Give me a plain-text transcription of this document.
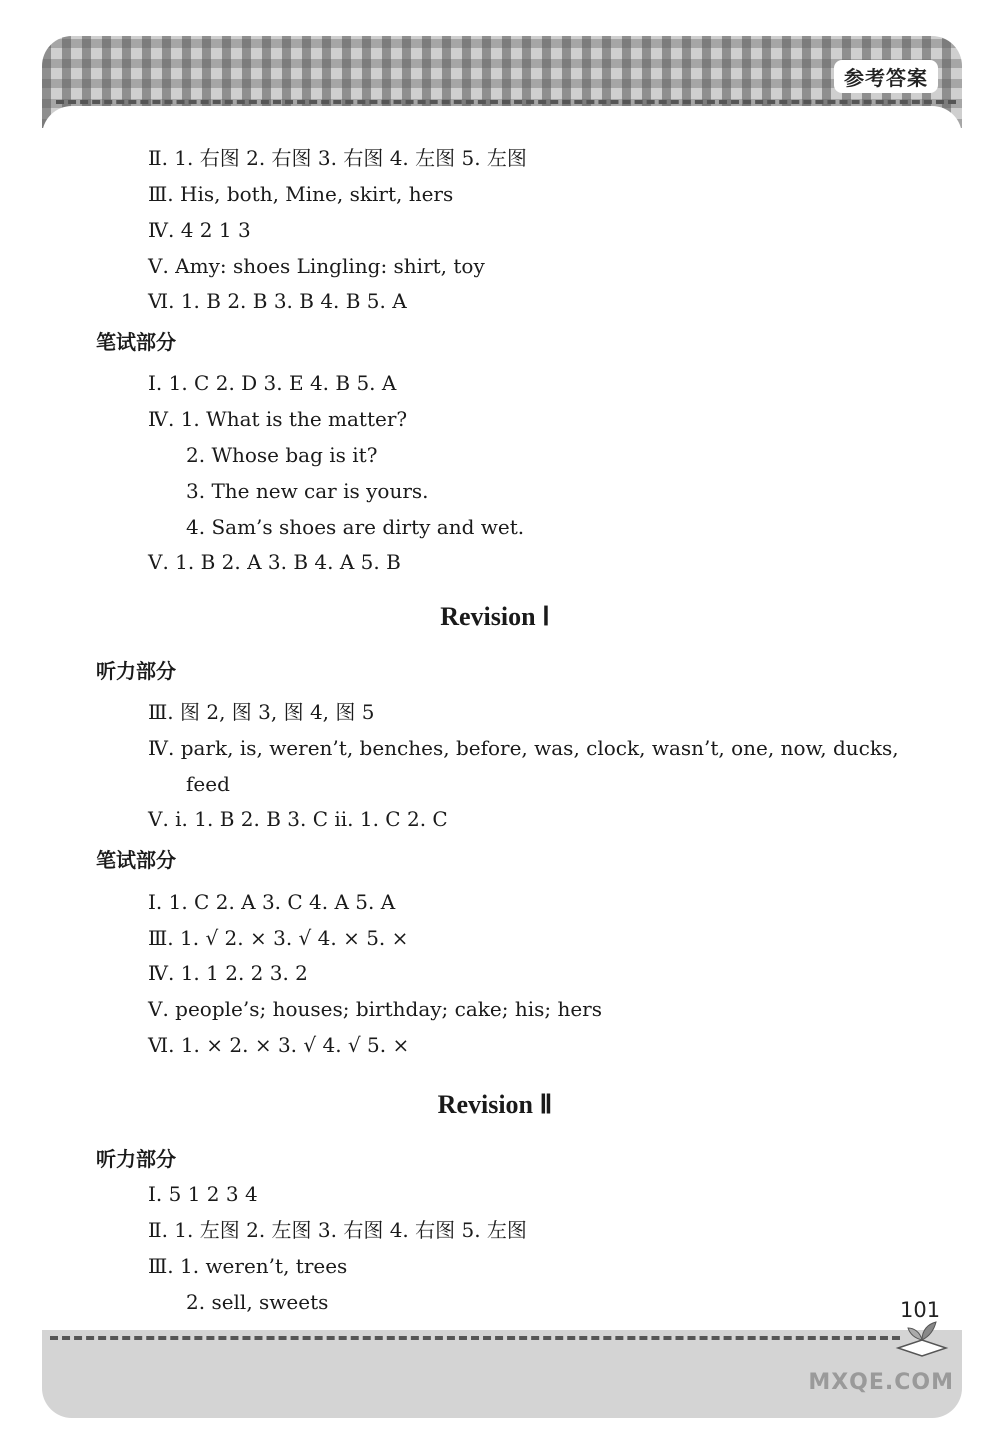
参考答案
Ⅱ. 1. 右图 2. 右图 3. 右图 4. 左图 5. 左图
Ⅲ. His, both, Mine, skirt, hers
Ⅳ. 4 2 1 3
Ⅴ. Amy: shoes Lingling: shirt, toy
Ⅵ. 1. B 2. B 3. B 4. B 5. A
笔试部分
Ⅰ. 1. C 2. D 3. E 4. B 5. A
Ⅳ. 1. What is the matter?
2. Whose bag is it?
3. The new car is yours.
4. Sam’s shoes are dirty and wet.
Ⅴ. 1. B 2. A 3. B 4. A 5. B
Revision Ⅰ
听力部分
Ⅲ. 图 2, 图 3, 图 4, 图 5
Ⅳ. park, is, weren’t, benches, before, was, clock, wasn’t, one, now, ducks,
feed
Ⅴ. i. 1. B 2. B 3. C ii. 1. C 2. C
笔试部分
Ⅰ. 1. C 2. A 3. C 4. A 5. A
Ⅲ. 1. √ 2. × 3. √ 4. × 5. ×
Ⅳ. 1. 1 2. 2 3. 2
Ⅴ. people’s; houses; birthday; cake; his; hers
Ⅵ. 1. × 2. × 3. √ 4. √ 5. ×
Revision Ⅱ
听力部分
Ⅰ. 5 1 2 3 4
Ⅱ. 1. 左图 2. 左图 3. 右图 4. 右图 5. 左图
Ⅲ. 1. weren’t, trees
2. sell, sweets	101
MXQE.COM
